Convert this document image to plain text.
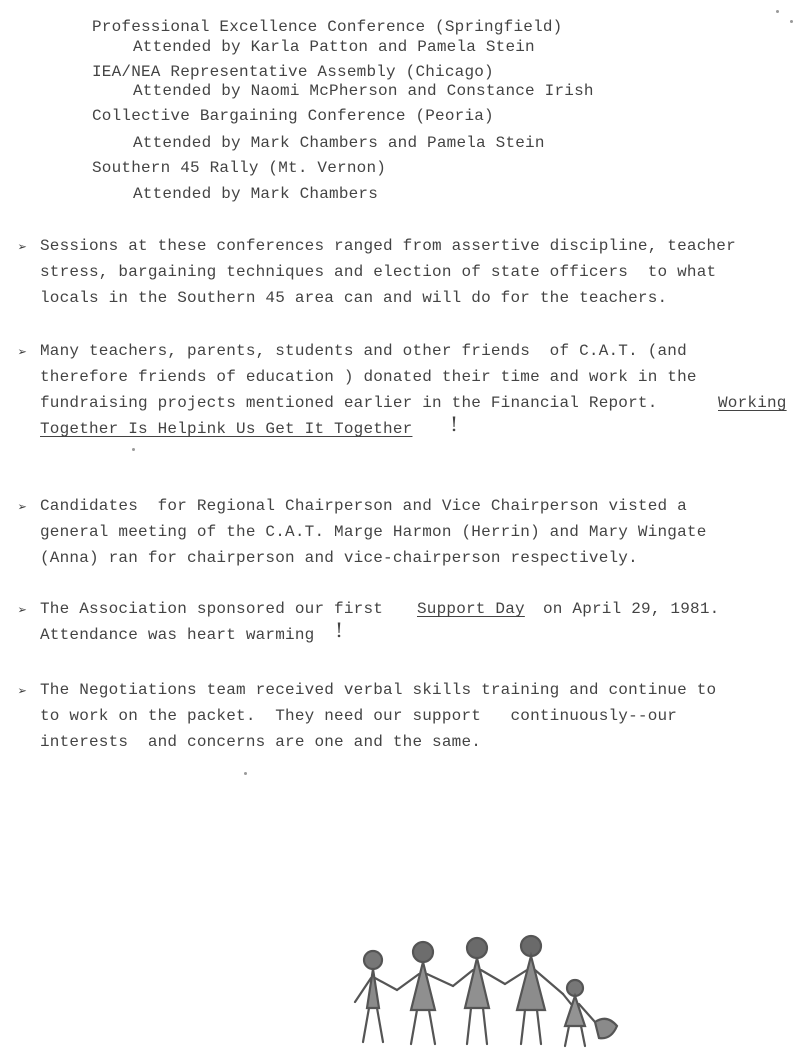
Professional Excellence Conference (Springfield)
Attended by Karla Patton and Pamela Stein
IEA/NEA Representative Assembly (Chicago)
Attended by Naomi McPherson and Constance Irish
Collective Bargaining Conference (Peoria)
Attended by Mark Chambers and Pamela Stein
Southern 45 Rally (Mt. Vernon)
Attended by Mark Chambers
➢ Sessions at these conferences ranged from assertive discipline, teacher
stress, bargaining techniques and election of state officers  to what
locals in the Southern 45 area can and will do for the teachers.
➢ Many teachers, parents, students and other friends  of C.A.T. (and
therefore friends of education ) donated their time and work in the
fundraising projects mentioned earlier in the Financial Report.	Working
Together Is Helpink Us Get It Together !
➢ Candidates  for Regional Chairperson and Vice Chairperson visted a
general meeting of the C.A.T. Marge Harmon (Herrin) and Mary Wingate
(Anna) ran for chairperson and vice-chairperson respectively.
➢ The Association sponsored our first Support Day on April 29, 1981.
Attendance was heart warming !
➢ The Negotiations team received verbal skills training and continue to
to work on the packet.  They need our support   continuously--our
interests  and concerns are one and the same.
